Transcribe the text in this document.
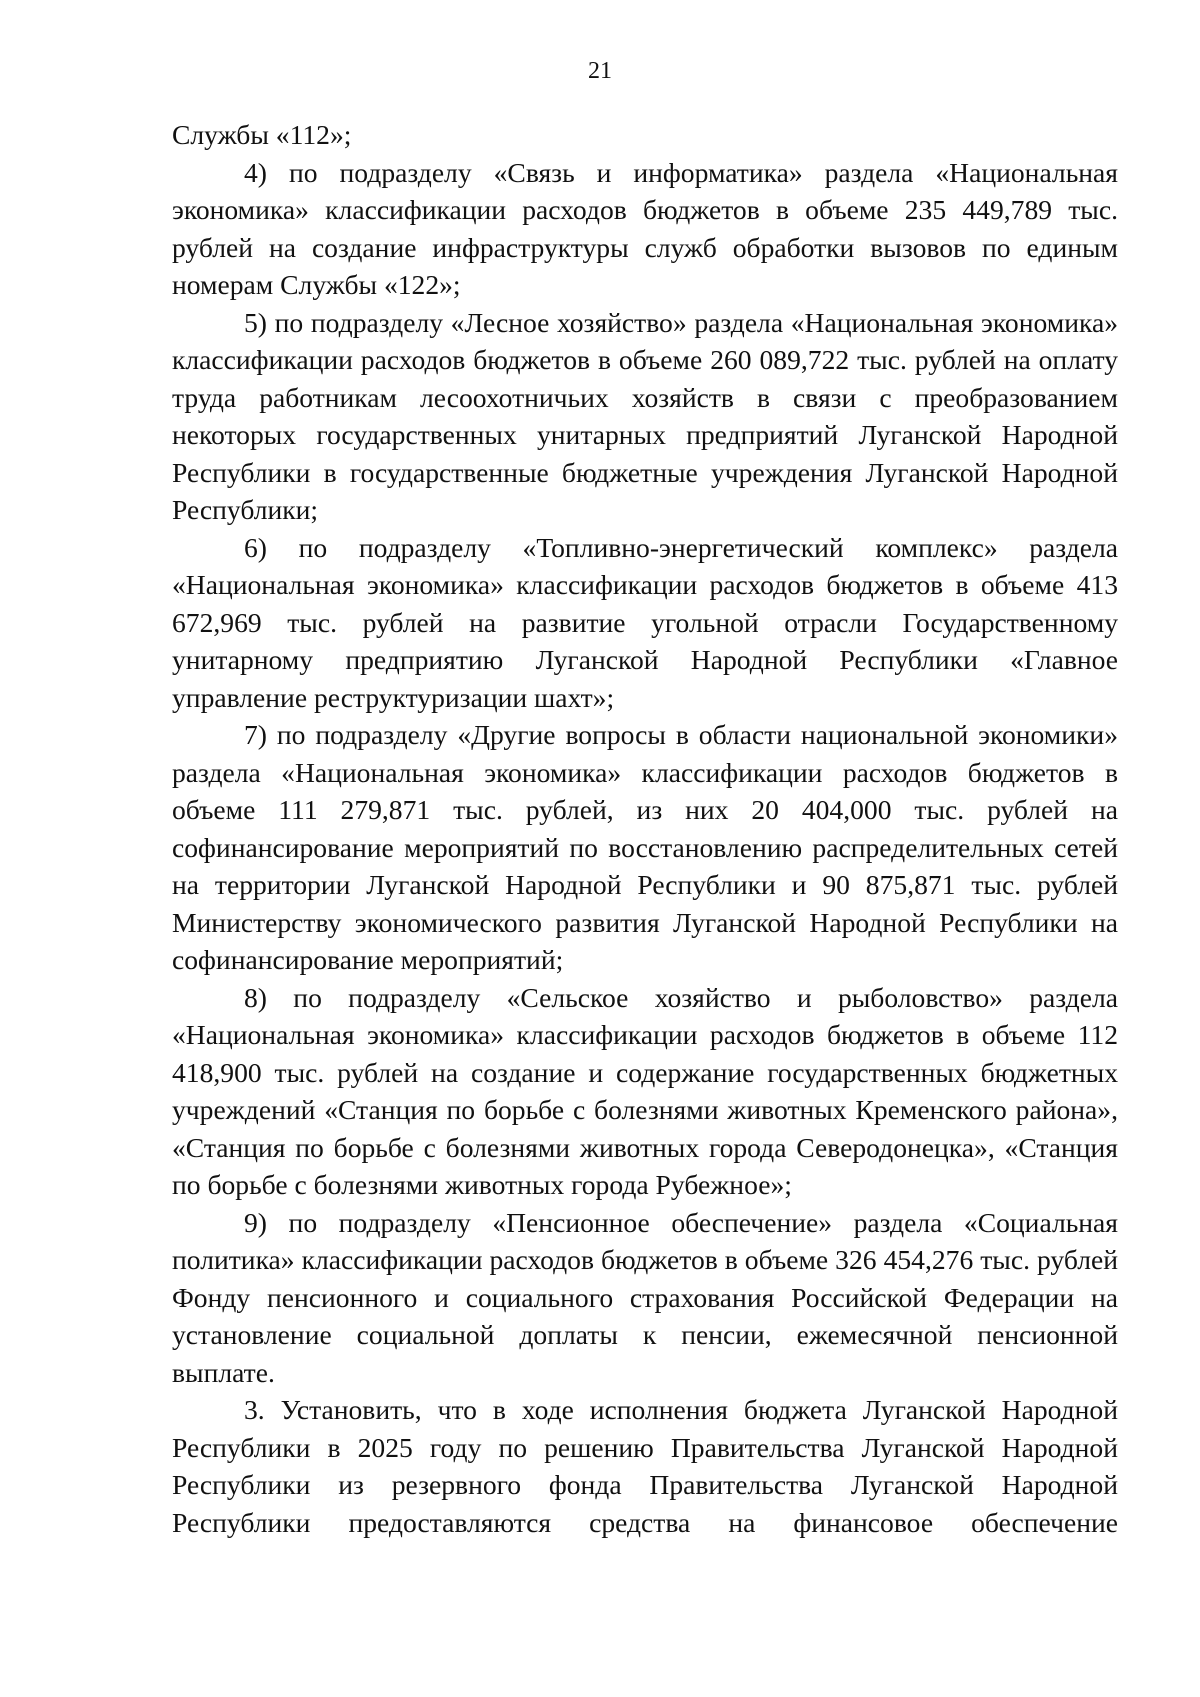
21

Службы «112»;

4) по подразделу «Связь и информатика» раздела «Национальная экономика» классификации расходов бюджетов в объеме 235 449,789 тыс. рублей на создание инфраструктуры служб обработки вызовов по единым номерам Службы «122»;

5) по подразделу «Лесное хозяйство» раздела «Национальная экономика» классификации расходов бюджетов в объеме 260 089,722 тыс. рублей на оплату труда работникам лесоохотничьих хозяйств в связи с преобразованием некоторых государственных унитарных предприятий Луганской Народной Республики в государственные бюджетные учреждения Луганской Народной Республики;

6) по подразделу «Топливно-энергетический комплекс» раздела «Национальная экономика» классификации расходов бюджетов в объеме 413 672,969 тыс. рублей на развитие угольной отрасли Государственному унитарному предприятию Луганской Народной Республики «Главное управление реструктуризации шахт»;

7) по подразделу «Другие вопросы в области национальной экономики» раздела «Национальная экономика» классификации расходов бюджетов в объеме 111 279,871 тыс. рублей, из них 20 404,000 тыс. рублей на софинансирование мероприятий по восстановлению распределительных сетей на территории Луганской Народной Республики и 90 875,871 тыс. рублей Министерству экономического развития Луганской Народной Республики на софинансирование мероприятий;

8) по подразделу «Сельское хозяйство и рыболовство» раздела «Национальная экономика» классификации расходов бюджетов в объеме 112 418,900 тыс. рублей на создание и содержание государственных бюджетных учреждений «Станция по борьбе с болезнями животных Кременского района», «Станция по борьбе с болезнями животных города Северодонецка», «Станция по борьбе с болезнями животных города Рубежное»;

9) по подразделу «Пенсионное обеспечение» раздела «Социальная политика» классификации расходов бюджетов в объеме 326 454,276 тыс. рублей Фонду пенсионного и социального страхования Российской Федерации на установление социальной доплаты к пенсии, ежемесячной пенсионной выплате.

3. Установить, что в ходе исполнения бюджета Луганской Народной Республики в 2025 году по решению Правительства Луганской Народной Республики из резервного фонда Правительства Луганской Народной Республики предоставляются средства на финансовое обеспечение
